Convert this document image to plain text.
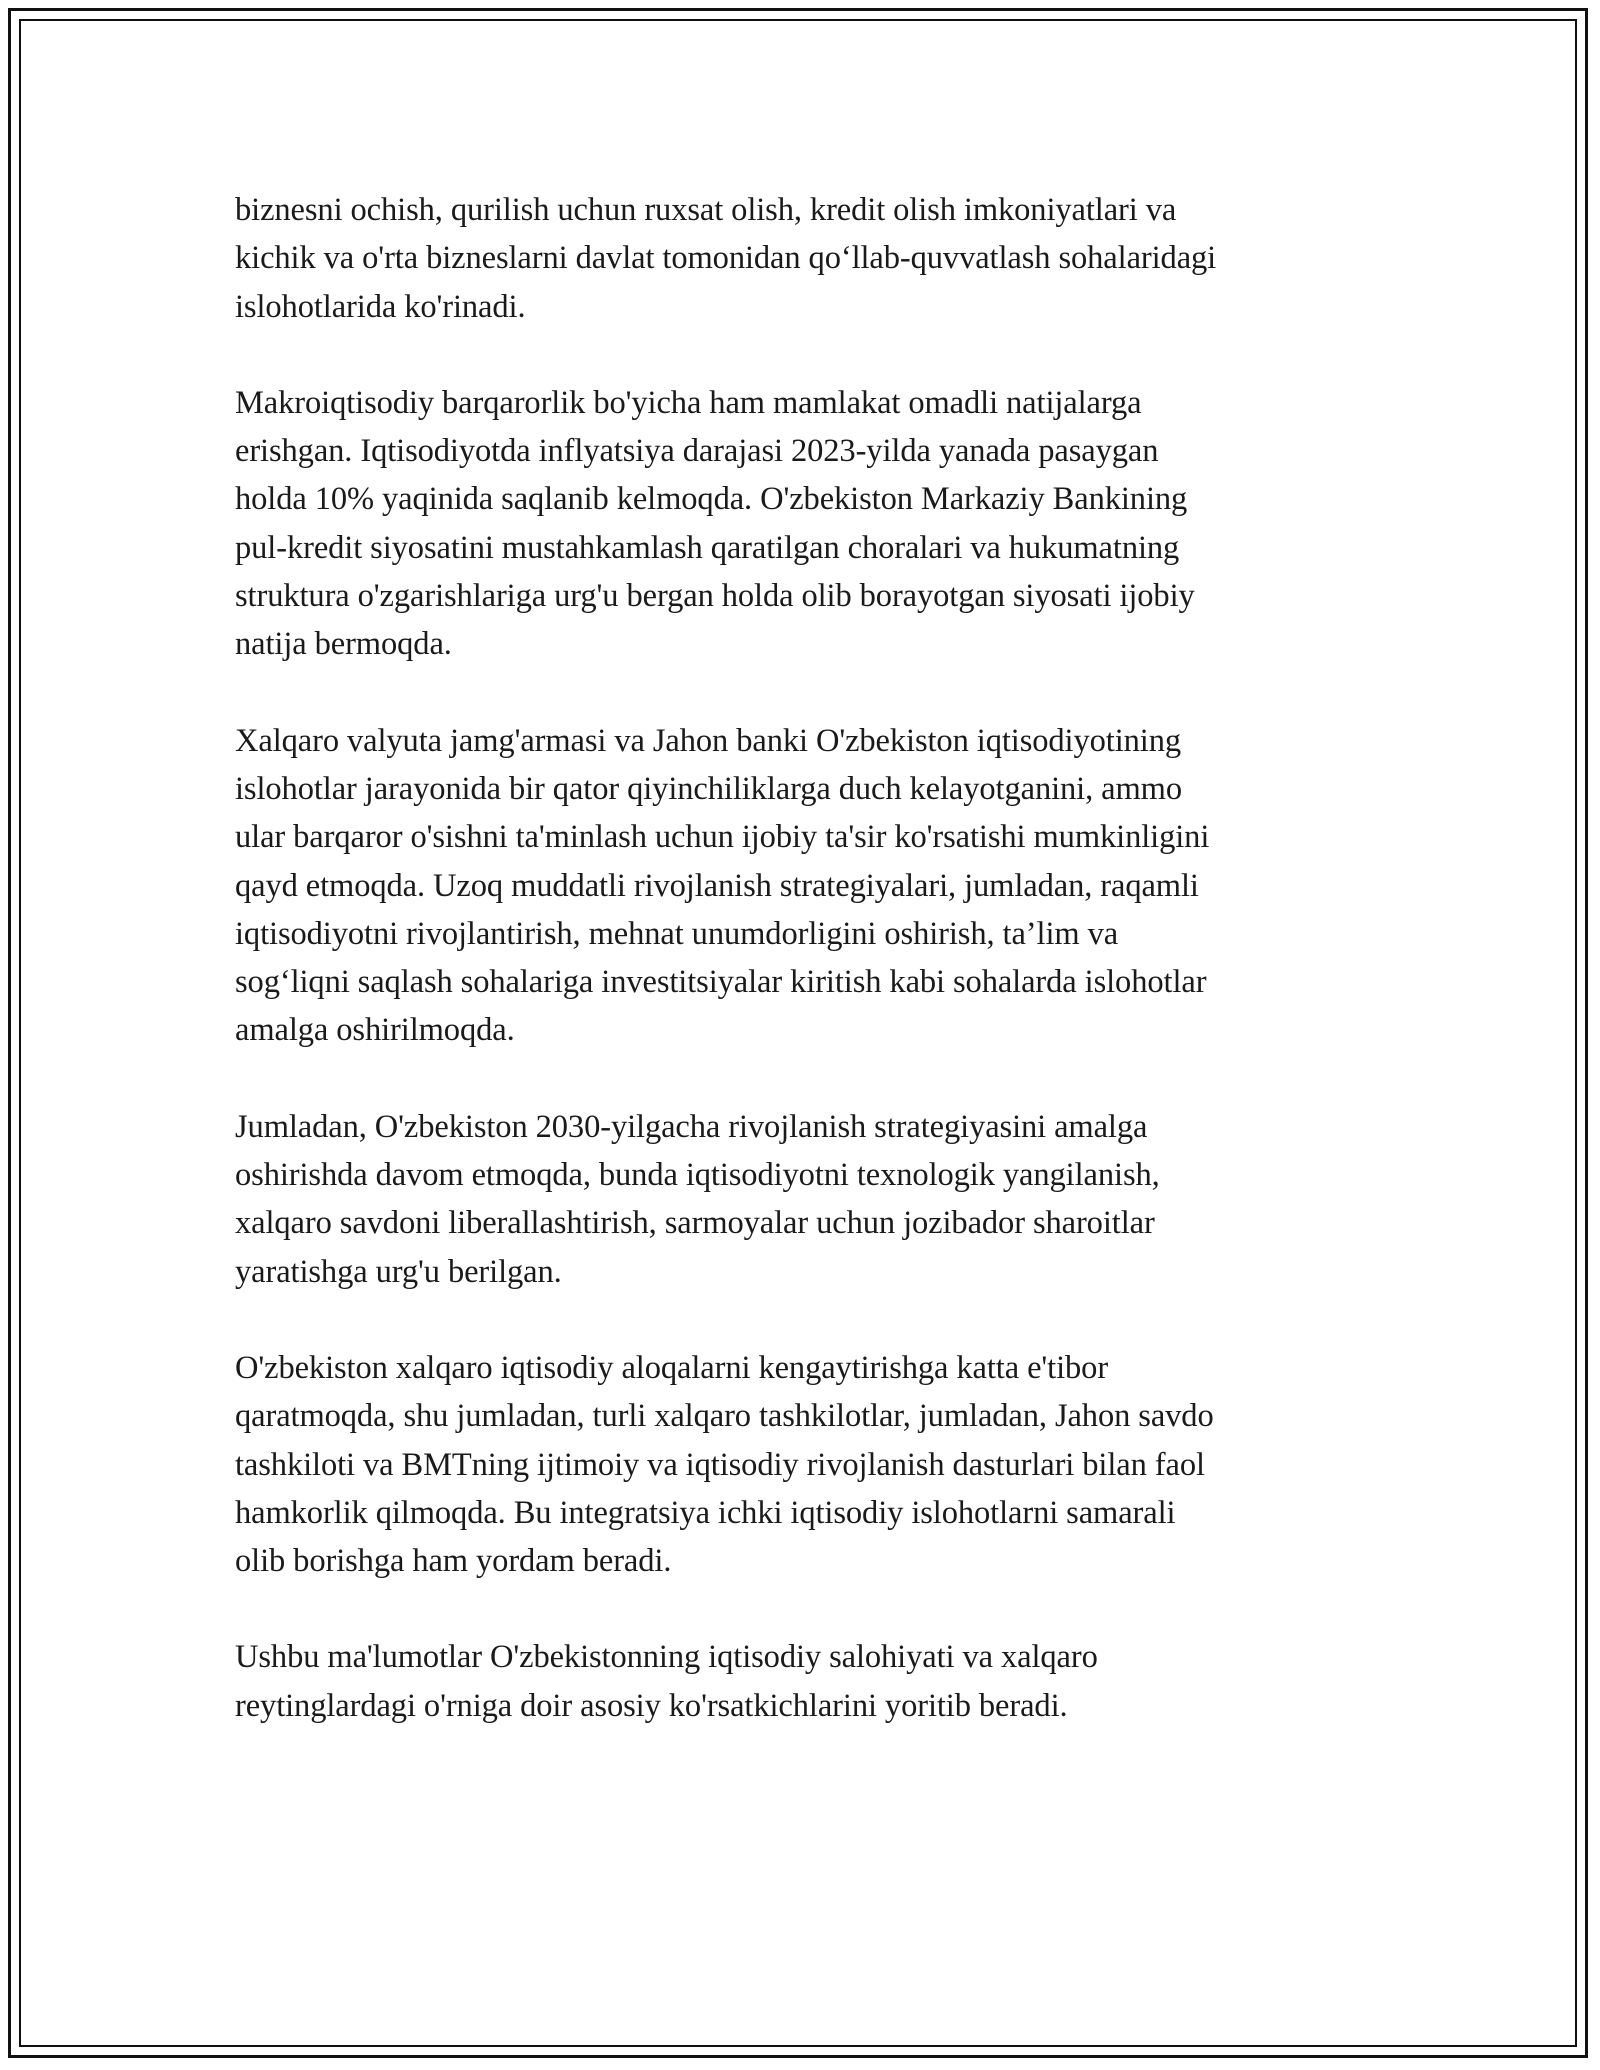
biznesni ochish, qurilish uchun ruxsat olish, kredit olish imkoniyatlari va
kichik va o'rta bizneslarni davlat tomonidan qo‘llab-quvvatlash sohalaridagi
islohotlarida ko'rinadi.

Makroiqtisodiy barqarorlik bo'yicha ham mamlakat omadli natijalarga
erishgan. Iqtisodiyotda inflyatsiya darajasi 2023-yilda yanada pasaygan
holda 10% yaqinida saqlanib kelmoqda. O'zbekiston Markaziy Bankining
pul-kredit siyosatini mustahkamlash qaratilgan choralari va hukumatning
struktura o'zgarishlariga urg'u bergan holda olib borayotgan siyosati ijobiy
natija bermoqda.

Xalqaro valyuta jamg'armasi va Jahon banki O'zbekiston iqtisodiyotining
islohotlar jarayonida bir qator qiyinchiliklarga duch kelayotganini, ammo
ular barqaror o'sishni ta'minlash uchun ijobiy ta'sir ko'rsatishi mumkinligini
qayd etmoqda. Uzoq muddatli rivojlanish strategiyalari, jumladan, raqamli
iqtisodiyotni rivojlantirish, mehnat unumdorligini oshirish, ta’lim va
sog‘liqni saqlash sohalariga investitsiyalar kiritish kabi sohalarda islohotlar
amalga oshirilmoqda.

Jumladan, O'zbekiston 2030-yilgacha rivojlanish strategiyasini amalga
oshirishda davom etmoqda, bunda iqtisodiyotni texnologik yangilanish,
xalqaro savdoni liberallashtirish, sarmoyalar uchun jozibador sharoitlar
yaratishga urg'u berilgan.

O'zbekiston xalqaro iqtisodiy aloqalarni kengaytirishga katta e'tibor
qaratmoqda, shu jumladan, turli xalqaro tashkilotlar, jumladan, Jahon savdo
tashkiloti va BMTning ijtimoiy va iqtisodiy rivojlanish dasturlari bilan faol
hamkorlik qilmoqda. Bu integratsiya ichki iqtisodiy islohotlarni samarali
olib borishga ham yordam beradi.

Ushbu ma'lumotlar O'zbekistonning iqtisodiy salohiyati va xalqaro
reytinglardagi o'rniga doir asosiy ko'rsatkichlarini yoritib beradi.
